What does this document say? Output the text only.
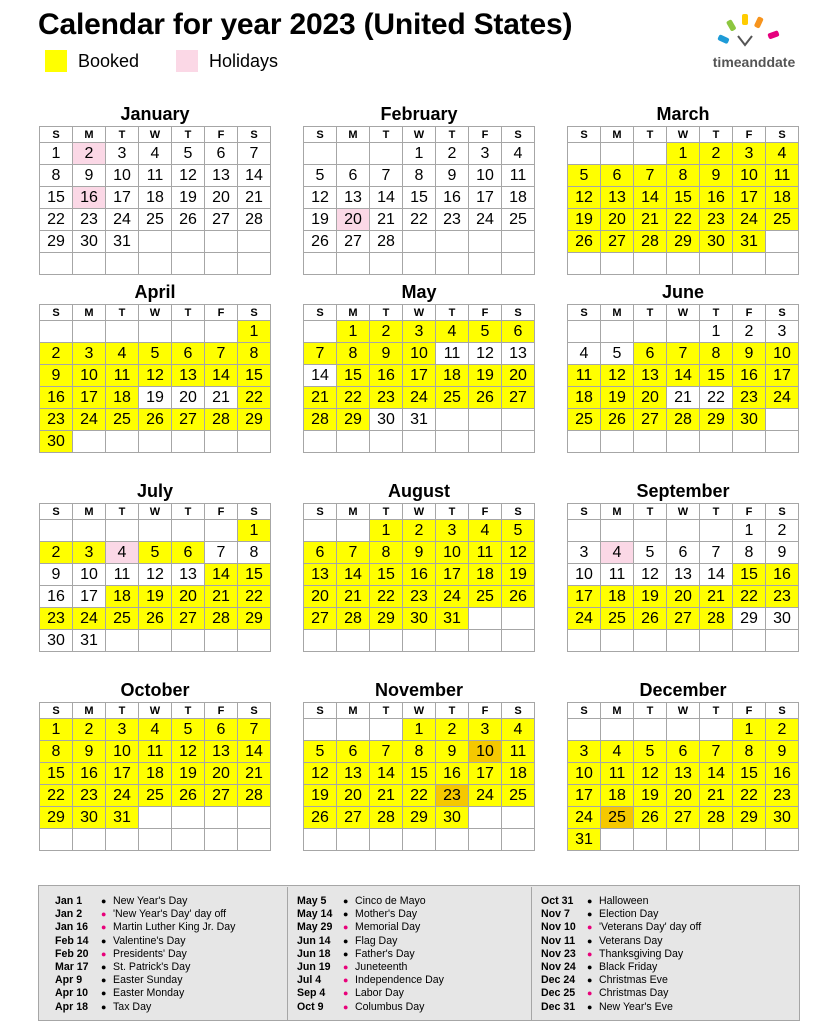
Calendar for year 2023 (United States)
Booked	Holidays	timeanddate
January
S	M	T	W	T	F	S
1	2	3	4	5	6	7
8	9	10	11	12	13	14
15	16	17	18	19	20	21
22	23	24	25	26	27	28
29	30	31				

February
S	M	T	W	T	F	S
			1	2	3	4
5	6	7	8	9	10	11
12	13	14	15	16	17	18
19	20	21	22	23	24	25
26	27	28				

March
S	M	T	W	T	F	S
			1	2	3	4
5	6	7	8	9	10	11
12	13	14	15	16	17	18
19	20	21	22	23	24	25
26	27	28	29	30	31	

April
S	M	T	W	T	F	S
						1
2	3	4	5	6	7	8
9	10	11	12	13	14	15
16	17	18	19	20	21	22
23	24	25	26	27	28	29
30						
May
S	M	T	W	T	F	S
	1	2	3	4	5	6
7	8	9	10	11	12	13
14	15	16	17	18	19	20
21	22	23	24	25	26	27
28	29	30	31			

June
S	M	T	W	T	F	S
				1	2	3
4	5	6	7	8	9	10
11	12	13	14	15	16	17
18	19	20	21	22	23	24
25	26	27	28	29	30	

July
S	M	T	W	T	F	S
						1
2	3	4	5	6	7	8
9	10	11	12	13	14	15
16	17	18	19	20	21	22
23	24	25	26	27	28	29
30	31					
August
S	M	T	W	T	F	S
		1	2	3	4	5
6	7	8	9	10	11	12
13	14	15	16	17	18	19
20	21	22	23	24	25	26
27	28	29	30	31		

September
S	M	T	W	T	F	S
					1	2
3	4	5	6	7	8	9
10	11	12	13	14	15	16
17	18	19	20	21	22	23
24	25	26	27	28	29	30

October
S	M	T	W	T	F	S
1	2	3	4	5	6	7
8	9	10	11	12	13	14
15	16	17	18	19	20	21
22	23	24	25	26	27	28
29	30	31				

November
S	M	T	W	T	F	S
			1	2	3	4
5	6	7	8	9	10	11
12	13	14	15	16	17	18
19	20	21	22	23	24	25
26	27	28	29	30		

December
S	M	T	W	T	F	S
					1	2
3	4	5	6	7	8	9
10	11	12	13	14	15	16
17	18	19	20	21	22	23
24	25	26	27	28	29	30
31						
Jan 1 ● New Year's Day
Jan 2 ● 'New Year's Day' day off
Jan 16 ● Martin Luther King Jr. Day
Feb 14 ● Valentine's Day
Feb 20 ● Presidents' Day
Mar 17 ● St. Patrick's Day
Apr 9 ● Easter Sunday
Apr 10 ● Easter Monday
Apr 18 ● Tax Day
May 5 ● Cinco de Mayo
May 14 ● Mother's Day
May 29 ● Memorial Day
Jun 14 ● Flag Day
Jun 18 ● Father's Day
Jun 19 ● Juneteenth
Jul 4 ● Independence Day
Sep 4 ● Labor Day
Oct 9 ● Columbus Day
Oct 31 ● Halloween
Nov 7 ● Election Day
Nov 10 ● 'Veterans Day' day off
Nov 11 ● Veterans Day
Nov 23 ● Thanksgiving Day
Nov 24 ● Black Friday
Dec 24 ● Christmas Eve
Dec 25 ● Christmas Day
Dec 31 ● New Year's Eve
